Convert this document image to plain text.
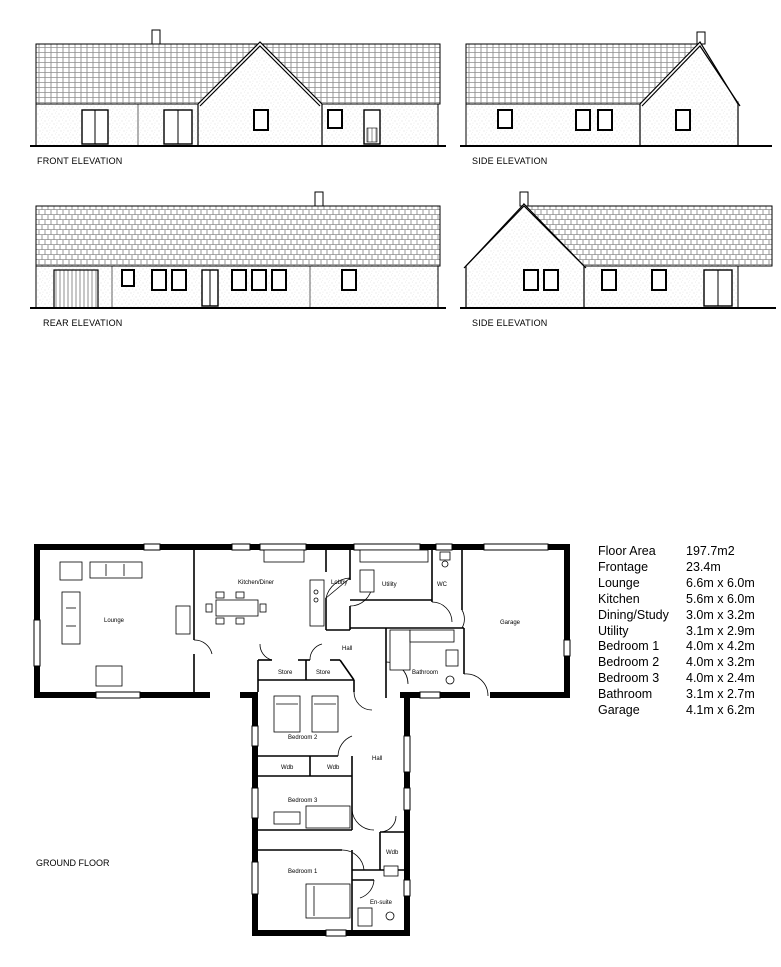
FRONT ELEVATION	SIDE ELEVATION
REAR ELEVATION	SIDE ELEVATION
Lounge
Kitchen/Diner	Lobby	Utility	WC
Garage
Hall
Store	Store	Bathroom
Bedroom 2
Wdb	Wdb
Hall
Bedroom 3
Wdb
Bedroom 1
En-suite
GROUND FLOOR
Floor Area	197.7m2
Frontage	23.4m
Lounge	6.6m x 6.0m
Kitchen	5.6m x 6.0m
Dining/Study	3.0m x 3.2m
Utility	3.1m x 2.9m
Bedroom 1	4.0m x 4.2m
Bedroom 2	4.0m x 3.2m
Bedroom 3	4.0m x 2.4m
Bathroom	3.1m x 2.7m
Garage	4.1m x 6.2m
